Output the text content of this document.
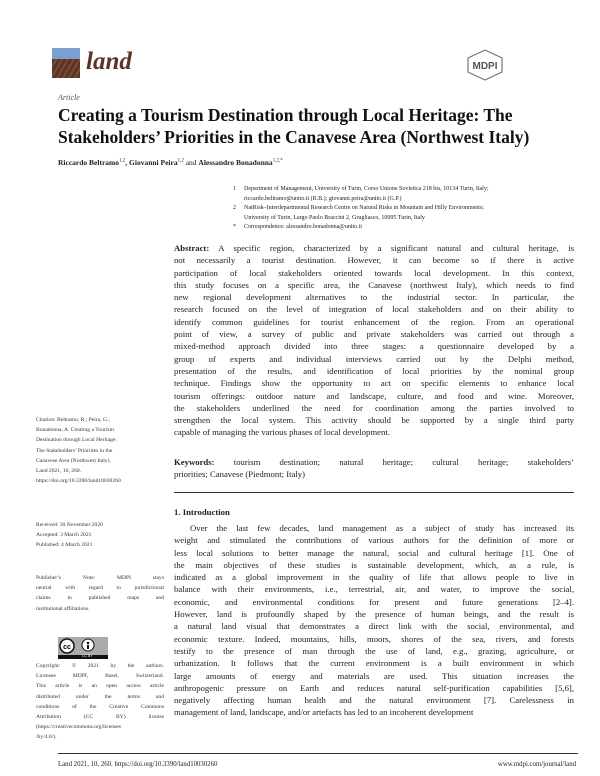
land	MDPI
Article
Creating a Tourism Destination through Local Heritage: The
Stakeholders’ Priorities in the Canavese Area (Northwest Italy)
Riccardo Beltramo$^{1,2}$, Giovanni Peira$^{1,2}$ and Alessandro Bonadonna$^{1,2,*}$
1 Department of Management, University of Turin, Corso Unione Sovietica 218 bis, 10134 Turin, Italy;
riccardo.beltramo@unito.it (R.B.); giovanni.peira@unito.it (G.P.)
2 NatRisk–Interdepartmental Research Centre on Natural Risks in Mountain and Hilly Environments;
University of Turin, Largo Paolo Braccini 2, Grugliasco, 10095 Turin, Italy
* Correspondence: alessandro.bonadonna@unito.it
Abstract: A specific region, characterized by a significant natural and cultural heritage, is
not necessarily a tourist destination. However, it can become so if there is active
participation of local stakeholders oriented towards local development. In this context,
this study focuses on a specific area, the Canavese (northwest Italy), which needs to find
new regional development alternatives to the industrial sector. In particular, the
research focused on the level of integration of local stakeholders and on their ability to
identify common guidelines for tourist enhancement of the region. From an operational
point of view, a survey of public and private stakeholders was carried out through a
mixed-method approach divided into three stages: a questionnaire developed by a
group of experts and individual interviews carried out by the Delphi method,
presentation of the results, and identification of local priorities by the nominal group
technique. Findings show the opportunity to act on specific elements to enhance local
tourism offerings: outdoor nature and landscape, culture, and food and wine. Moreover,
the stakeholders underlined the need for coordination among the parties involved to
strengthen the local system. This activity should be supported by a single third party
capable of managing the various phases of local development.
Keywords: tourism destination; natural heritage; cultural heritage; stakeholders’
priorities; Canavese (Piedmont; Italy)
1. Introduction
Over the last few decades, land management as a subject of study has increased its
weight and stimulated the contributions of various authors for the definition of more or
less local solutions to better manage the natural, social and cultural heritage [1]. One of
the main objectives of these studies is sustainable development, which, as a rule, is
indicated as a global improvement in the quality of life that allows people to live in
balance with their environments, i.e., terrestrial, air, and water, to improve the social,
economic, and environmental conditions for present and future generations [2–4].
However, land is profoundly shaped by the presence of human beings, and the result is
a natural land visual that demonstrates a direct link with the social, environmental, and
economic texture. Indeed, mountains, hills, moors, shores of the sea, rivers, and forests
testify to the presence of man through the use of land, e.g., grazing, agriculture, or
urbanization. It follows that the current environment is a built environment in which
large amounts of energy and materials are used. This situation increases the
anthropogenic pressure on Earth and reduces natural self-purification capabilities [5,6],
negatively affecting human health and the natural environment [7]. Carelessness in
management of land, landscape, and/or artefacts has led to an incoherent development
Citation: Beltramo, R.; Peira, G.;
Bonadonna, A. Creating a Tourism
Destination through Local Heritage:
The Stakeholders’ Priorities in the
Canavese Area (Northwest Italy).
Land 2021, 10, 260.
https://doi.org/10.3390/land10030260
Received: 30 November 2020
Accepted: 3 March 2021
Published: 4 March 2021
Publisher’s Note: MDPI stays
neutral with regard to jurisdictional
claims in published maps and
institutional affiliations.
cc
CC BY
Copyright: © 2021 by the authors.
Licensee MDPI, Basel, Switzerland.
This article is an open access article
distributed under the terms and
conditions of the Creative Commons
Attribution (CC BY) license
(https://creativecommons.org/licenses
/by/4.0/).
Land 2021, 10, 260. https://doi.org/10.3390/land10030260	www.mdpi.com/journal/land
